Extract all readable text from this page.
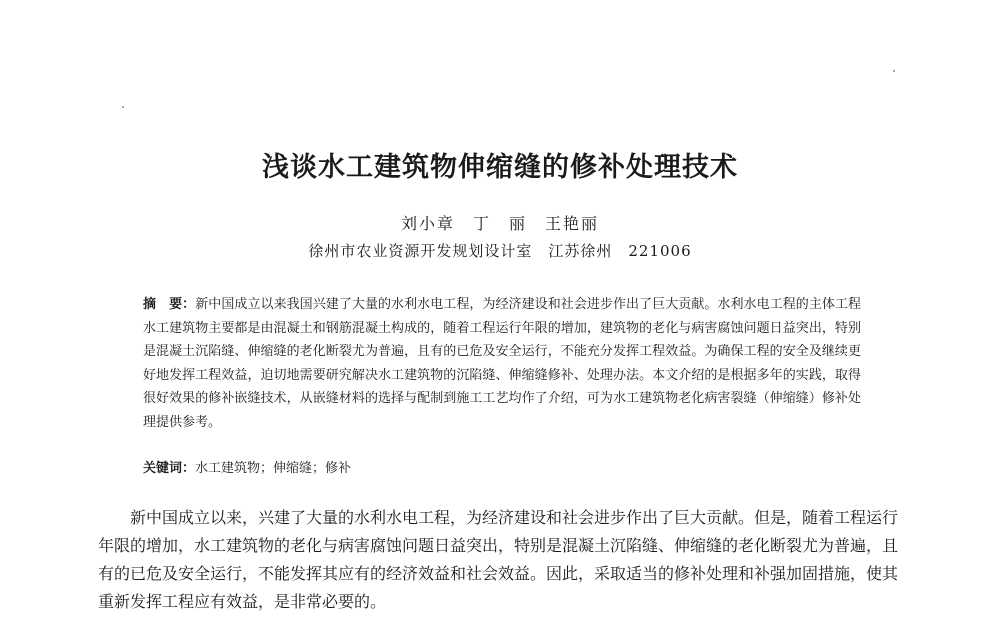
浅谈水工建筑物伸缩缝的修补处理技术
刘小章　丁　丽　王艳丽
徐州市农业资源开发规划设计室　江苏徐州　221006
摘　要：新中国成立以来我国兴建了大量的水利水电工程，为经济建设和社会进步作出了巨大贡献。水利水电工程的主体工程水工建筑物主要都是由混凝土和钢筋混凝土构成的，随着工程运行年限的增加，建筑物的老化与病害腐蚀问题日益突出，特别是混凝土沉陷缝、伸缩缝的老化断裂尤为普遍，且有的已危及安全运行，不能充分发挥工程效益。为确保工程的安全及继续更好地发挥工程效益，迫切地需要研究解决水工建筑物的沉陷缝、伸缩缝修补、处理办法。本文介绍的是根据多年的实践，取得很好效果的修补嵌缝技术，从嵌缝材料的选择与配制到施工工艺均作了介绍，可为水工建筑物老化病害裂缝（伸缩缝）修补处理提供参考。
关键词：水工建筑物；伸缩缝；修补
新中国成立以来，兴建了大量的水利水电工程，为经济建设和社会进步作出了巨大贡献。但是，随着工程运行年限的增加，水工建筑物的老化与病害腐蚀问题日益突出，特别是混凝土沉陷缝、伸缩缝的老化断裂尤为普遍，且有的已危及安全运行，不能发挥其应有的经济效益和社会效益。因此，采取适当的修补处理和补强加固措施，使其重新发挥工程应有效益，是非常必要的。
